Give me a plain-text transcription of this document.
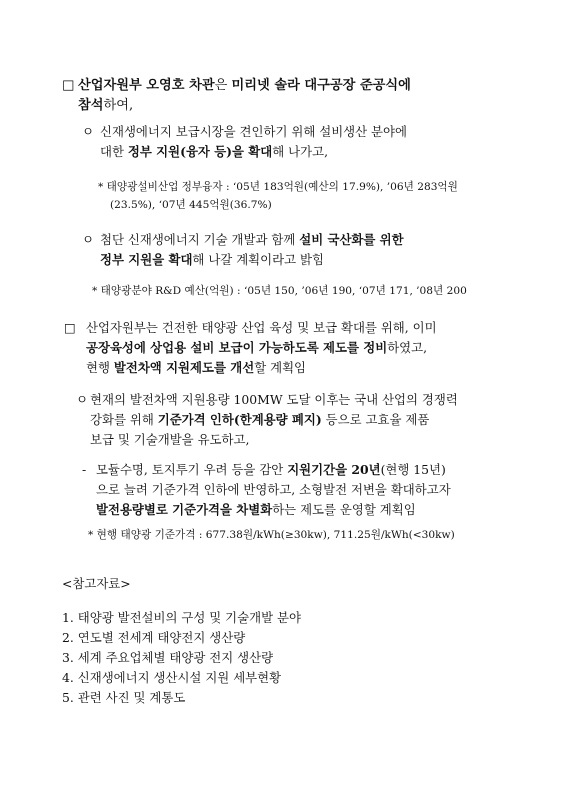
□ 산업자원부 오영호 차관은 미리넷 솔라 대구공장 준공식에
참석하여,
ㅇ 신재생에너지 보급시장을 견인하기 위해 설비생산 분야에
대한 정부 지원(융자 등)을 확대해 나가고,
* 태양광설비산업 정부융자 : ‘05년 183억원(예산의 17.9%), ’06년 283억원
(23.5%), ‘07년 445억원(36.7%)
ㅇ 첨단 신재생에너지 기술 개발과 함께 설비 국산화를 위한
정부 지원을 확대해 나갈 계획이라고 밝힘
* 태양광분야 R&D 예산(억원) : ‘05년 150, ’06년 190, ‘07년 171, ’08년 200
□ 산업자원부는 건전한 태양광 산업 육성 및 보급 확대를 위해, 이미
공장육성에 상업용 설비 보급이 가능하도록 제도를 정비하였고,
현행 발전차액 지원제도를 개선할 계획임
ㅇ 현재의 발전차액 지원용량 100MW 도달 이후는 국내 산업의 경쟁력
강화를 위해 기준가격 인하(한계용량 폐지) 등으로 고효율 제품
보급 및 기술개발을 유도하고,
- 모듈수명, 토지투기 우려 등을 감안 지원기간을 20년(현행 15년)
으로 늘려 기준가격 인하에 반영하고, 소형발전 저변을 확대하고자
발전용량별로 기준가격을 차별화하는 제도를 운영할 계획임
* 현행 태양광 기준가격 : 677.38원/kWh(≥30kw), 711.25원/kWh(<30kw)
<참고자료>
1. 태양광 발전설비의 구성 및 기술개발 분야
2. 연도별 전세계 태양전지 생산량
3. 세계 주요업체별 태양광 전지 생산량
4. 신재생에너지 생산시설 지원 세부현황
5. 관련 사진 및 계통도
